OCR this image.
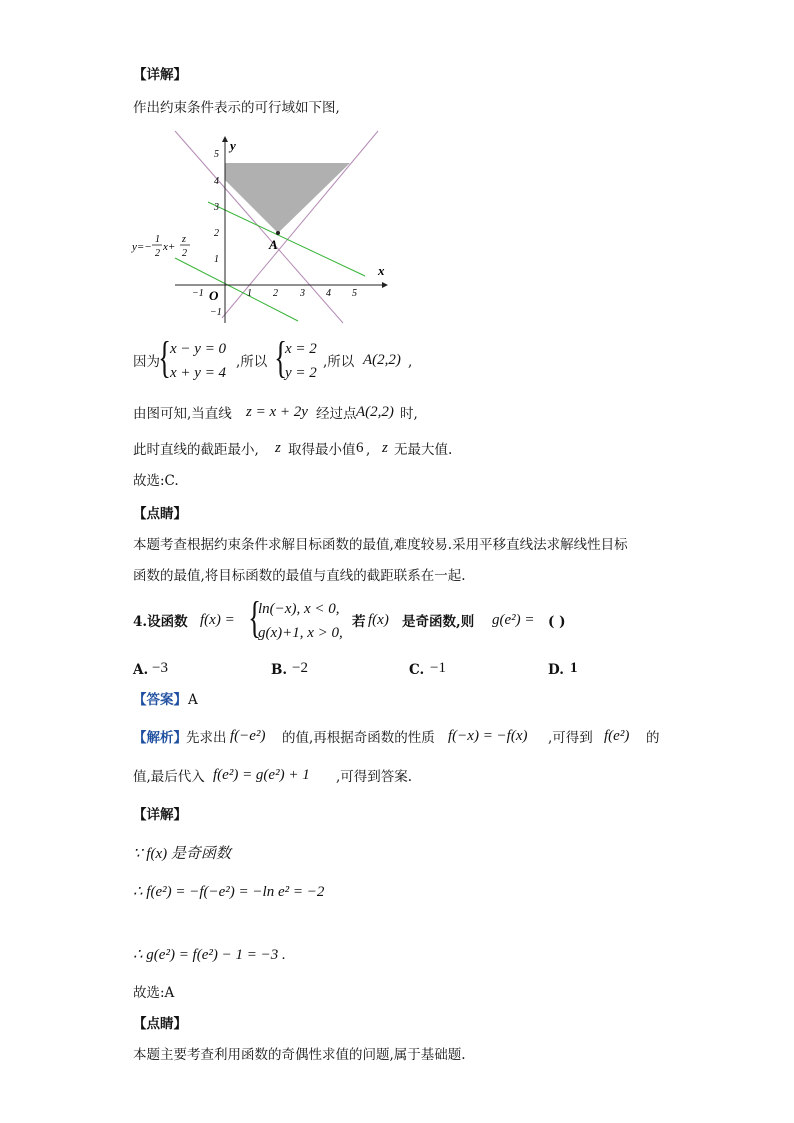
【详解】
作出约束条件表示的可行域如下图,
A
y
x
O
−1	1 2 3 4 5
5
4
3
2
1
−1
y=−
1
2
x+
z
2
因为
{ x − y = 0
x + y = 4
,所以 {
x = 2
y = 2
,所以 A(2,2) ,
由图可知,当直线 z = x + 2y 经过点 A(2,2) 时,
此时直线的截距最小, z 取得最小值 6 , z 无最大值.
故选:C.
【点睛】
本题考查根据约束条件求解目标函数的最值,难度较易.采用平移直线法求解线性目标
函数的最值,将目标函数的最值与直线的截距联系在一起.
4.设函数 f(x) = {
ln(−x), x < 0,
g(x)+1, x > 0,
若 f(x) 是奇函数,则 g(e²) = ( )
A. −3	B. −2	C. −1	D. 1
【答案】 A
【解析】 先求出 f(−e²) 的值,再根据奇函数的性质 f(−x) = −f(x) ,可得到 f(e²) 的
值,最后代入 f(e²) = g(e²) + 1 ,可得到答案.
【详解】
∵ f(x) 是奇函数
∴ f(e²) = −f(−e²) = −ln e² = −2
∴ g(e²) = f(e²) − 1 = −3 .
故选:A
【点睛】
本题主要考查利用函数的奇偶性求值的问题,属于基础题.
